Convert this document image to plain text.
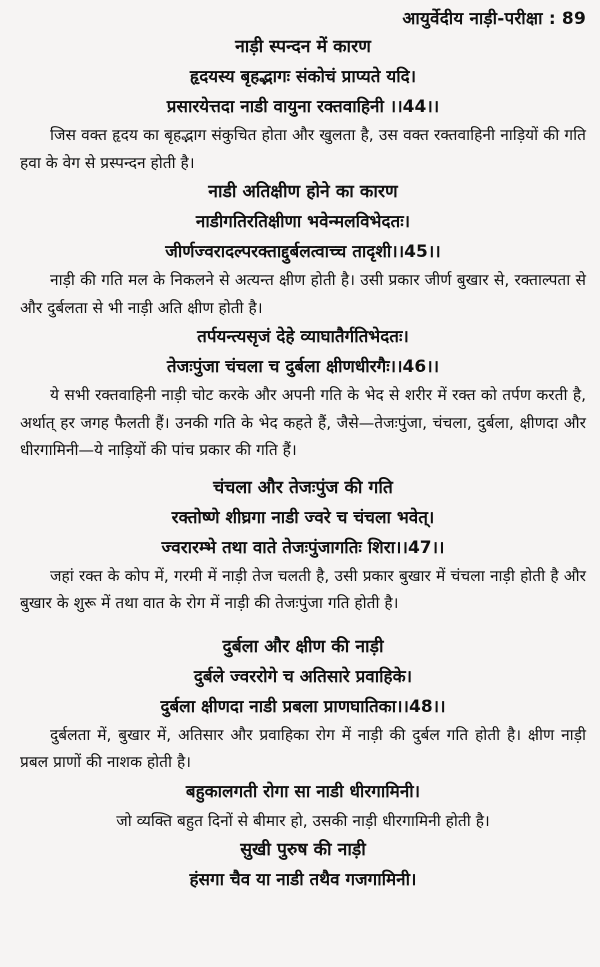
आयुर्वेदीय नाड़ी-परीक्षा : 89
नाड़ी स्पन्दन में कारण
हृदयस्य बृहद्भागः संकोचं प्राप्यते यदि।
प्रसारयेत्तदा नाडी वायुना रक्तवाहिनी ।।44।।

जिस वक्त हृदय का बृहद्भाग संकुचित होता और खुलता है, उस वक्त रक्तवाहिनी नाड़ियों की गति हवा के वेग से प्रस्पन्दन होती है।

नाडी अतिक्षीण होने का कारण
नाडीगतिरतिक्षीणा भवेन्मलविभेदतः।
जीर्णज्वरादल्परक्ताद्दुर्बलत्वाच्च तादृशी।।45।।

नाड़ी की गति मल के निकलने से अत्यन्त क्षीण होती है। उसी प्रकार जीर्ण बुखार से, रक्ताल्पता से और दुर्बलता से भी नाड़ी अति क्षीण होती है।

तर्पयन्त्यसृजं देहे व्याघातैर्गतिभेदतः।
तेजःपुंजा चंचला च दुर्बला क्षीणधीरगैः।।46।।

ये सभी रक्तवाहिनी नाड़ी चोट करके और अपनी गति के भेद से शरीर में रक्त को तर्पण करती है, अर्थात् हर जगह फैलती हैं। उनकी गति के भेद कहते हैं, जैसे—तेजःपुंजा, चंचला, दुर्बला, क्षीणदा और धीरगामिनी—ये नाड़ियों की पांच प्रकार की गति हैं।

चंचला और तेजःपुंज की गति
रक्तोष्णे शीघ्रगा नाडी ज्वरे च चंचला भवेत्।
ज्वरारम्भे तथा वाते तेजःपुंजागतिः शिरा।।47।।

जहां रक्त के कोप में, गरमी में नाड़ी तेज चलती है, उसी प्रकार बुखार में चंचला नाड़ी होती है और बुखार के शुरू में तथा वात के रोग में नाड़ी की तेजःपुंजा गति होती है।

दुर्बला और क्षीण की नाड़ी
दुर्बले ज्वररोगे च अतिसारे प्रवाहिके।
दुर्बला क्षीणदा नाडी प्रबला प्राणघातिका।।48।।

दुर्बलता में, बुखार में, अतिसार और प्रवाहिका रोग में नाड़ी की दुर्बल गति होती है। क्षीण नाड़ी प्रबल प्राणों की नाशक होती है।

बहुकालगती रोगा सा नाडी धीरगामिनी।
जो व्यक्ति बहुत दिनों से बीमार हो, उसकी नाड़ी धीरगामिनी होती है।
सुखी पुरुष की नाड़ी
हंसगा चैव या नाडी तथैव गजगामिनी।
